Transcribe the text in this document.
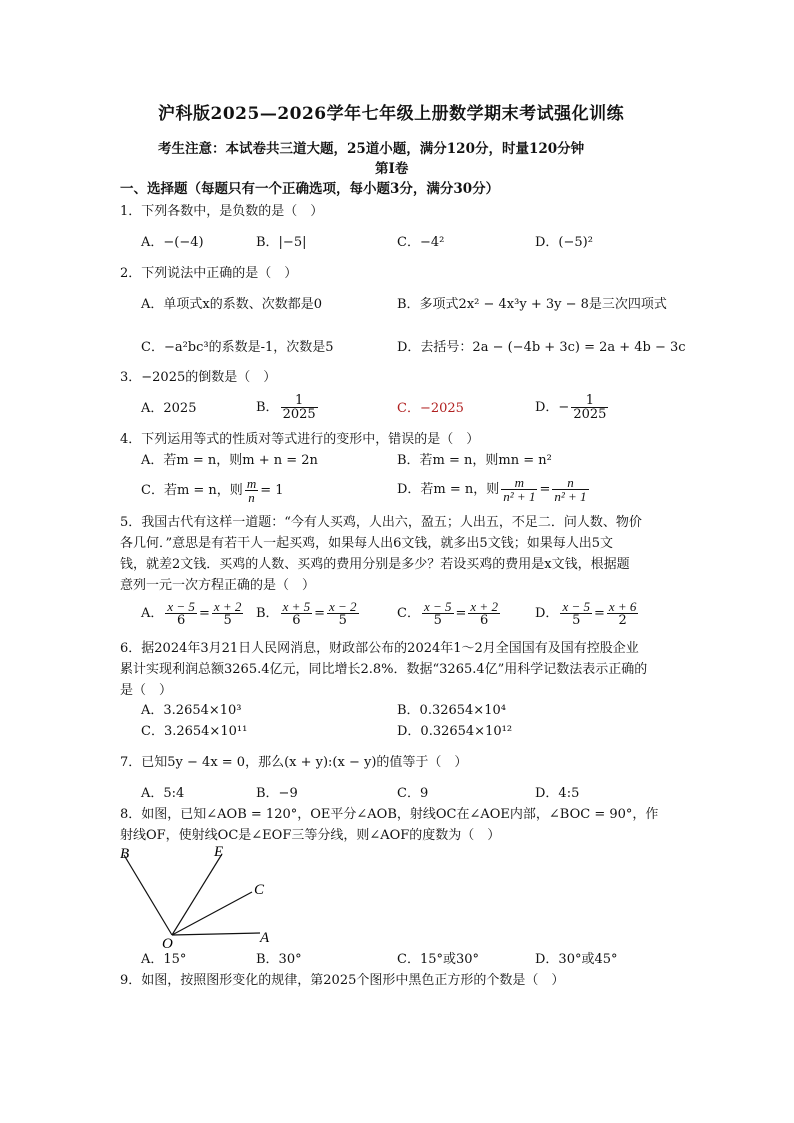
沪科版2025—2026学年七年级上册数学期末考试强化训练
考生注意：本试卷共三道大题，25道小题，满分120分，时量120分钟
第Ⅰ卷
一、选择题（每题只有一个正确选项，每小题3分，满分30分）
1．下列各数中，是负数的是（　）
A．−(−4)	B．|−5|	C．−4²	D．(−5)²
2．下列说法中正确的是（　）
A．单项式x的系数、次数都是0	B．多项式2x² − 4x³y + 3y − 8是三次四项式
C．−a²bc³的系数是-1，次数是5	D．去括号：2a − (−4b + 3c) = 2a + 4b − 3c
3．−2025的倒数是（　）
A．2025	B． $\frac{1}{2025}$	C．−2025	D．− $\frac{1}{2025}$
4．下列运用等式的性质对等式进行的变形中，错误的是（　）
A．若m = n，则m + n = 2n	B．若m = n，则mn = n²
C．若m = n，则 $\frac{m}{n} = 1$	D．若m = n，则 $\frac{m}{\text{n² + 1}} = \frac{n}{\text{n² + 1}}$
5．我国古代有这样一道题：“今有人买鸡，人出六，盈五；人出五，不足二．问人数、物价
各几何．”意思是有若干人一起买鸡，如果每人出6文钱，就多出5文钱；如果每人出5文
钱，就差2文钱．买鸡的人数、买鸡的费用分别是多少？若设买鸡的费用是x文钱，根据题
意列一元一次方程正确的是（　）
A． $\frac{x - 5}{6} = \frac{x + 2}{5}$ B． $\frac{x + 5}{6} = \frac{x - 2}{5}$	C． $\frac{x - 5}{5} = \frac{x + 2}{6}$	D． $\frac{x - 5}{5} = \frac{x + 6}{2}$
6．据2024年3月21日人民网消息，财政部公布的2024年1～2月全国国有及国有控股企业
累计实现利润总额3265.4亿元，同比增长2.8%．数据“3265.4亿”用科学记数法表示正确的
是（　）
A．3.2654×10³	B．0.32654×10⁴
C．3.2654×10¹¹	D．0.32654×10¹²
7．已知5y − 4x = 0，那么(x + y):(x − y)的值等于（　）
A．5:4	B．−9	C．9	D．4:5
8．如图，已知∠AOB = 120°，OE平分∠AOB，射线OC在∠AOE内部，∠BOC = 90°，作
射线OF，使射线OC是∠EOF三等分线，则∠AOF的度数为（　）
B	E
C
O	A
A．15°	B．30°	C．15°或30°	D．30°或45°
9．如图，按照图形变化的规律，第2025个图形中黑色正方形的个数是（　）
